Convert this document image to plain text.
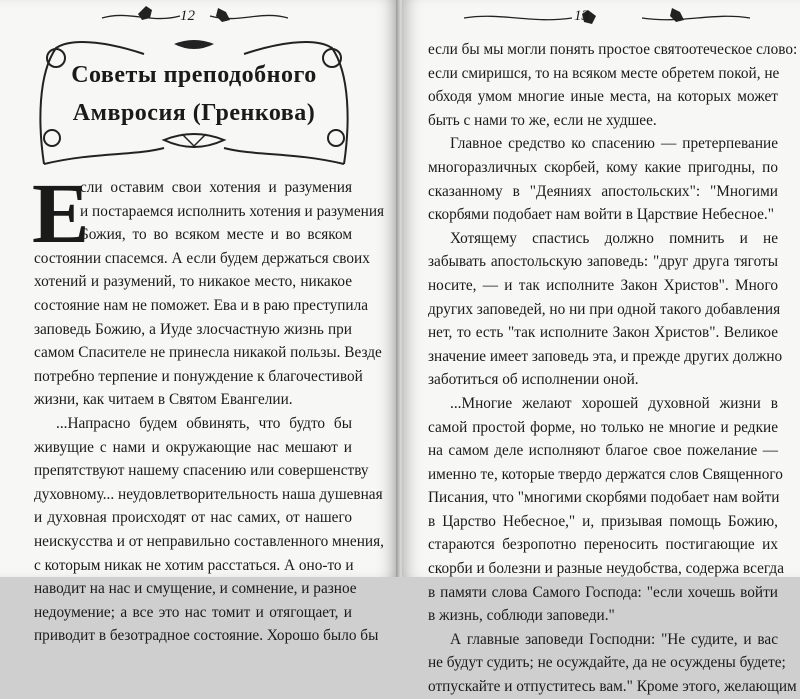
12
Советы преподобного
Амвросия (Гренкова)
Е

сли оставим свои хотения и разумения
и постараемся исполнить хотения и разумения
Божия, то во всяком месте и во всяком
состоянии спасемся. А если будем держаться своих
хотений и разумений, то никакое место, никакое
состояние нам не поможет. Ева и в раю преступила
заповедь Божию, а Иуде злосчастную жизнь при
самом Спасителе не принесла никакой пользы. Везде
потребно терпение и понуждение к благочестивой
жизни, как читаем в Святом Евангелии.

...Напрасно будем обвинять, что будто бы
живущие с нами и окружающие нас мешают и
препятствуют нашему спасению или совершенству
духовному... неудовлетворительность наша душевная
и духовная происходят от нас самих, от нашего
неискусства и от неправильно составленного мнения,
с которым никак не хотим расстаться. А оно-то и
наводит на нас и смущение, и сомнение, и разное
недоумение; а все это нас томит и отягощает, и
приводит в безотрадное состояние. Хорошо было бы

13

если бы мы могли понять простое святоотеческое слово:
если смиришся, то на всяком месте обретем покой, не
обходя умом многие иные места, на которых может
быть с нами то же, если не худшее.

Главное средство ко спасению — претерпевание
многоразличных скорбей, кому какие пригодны, по
сказанному в "Деяниях апостольских": "Многими
скорбями подобает нам войти в Царствие Небесное."

Хотящему спастись должно помнить и не
забывать апостольскую заповедь: "друг друга тяготы
носите, — и так исполните Закон Христов". Много
других заповедей, но ни при одной такого добавления
нет, то есть "так исполните Закон Христов". Великое
значение имеет заповедь эта, и прежде других должно
заботиться об исполнении оной.

...Многие желают хорошей духовной жизни в
самой простой форме, но только не многие и редкие
на самом деле исполняют благое свое пожелание —
именно те, которые твердо держатся слов Священного
Писания, что "многими скорбями подобает нам войти
в Царство Небесное," и, призывая помощь Божию,
стараются безропотно переносить постигающие их
скорби и болезни и разные неудобства, содержа всегда
в памяти слова Самого Господа: "если хочешь войти
в жизнь, соблюди заповеди."

А главные заповеди Господни: "Не судите, и вас
не будут судить; не осуждайте, да не осуждены будете;
отпускайте и отпуститесь вам." Кроме этого, желающим
